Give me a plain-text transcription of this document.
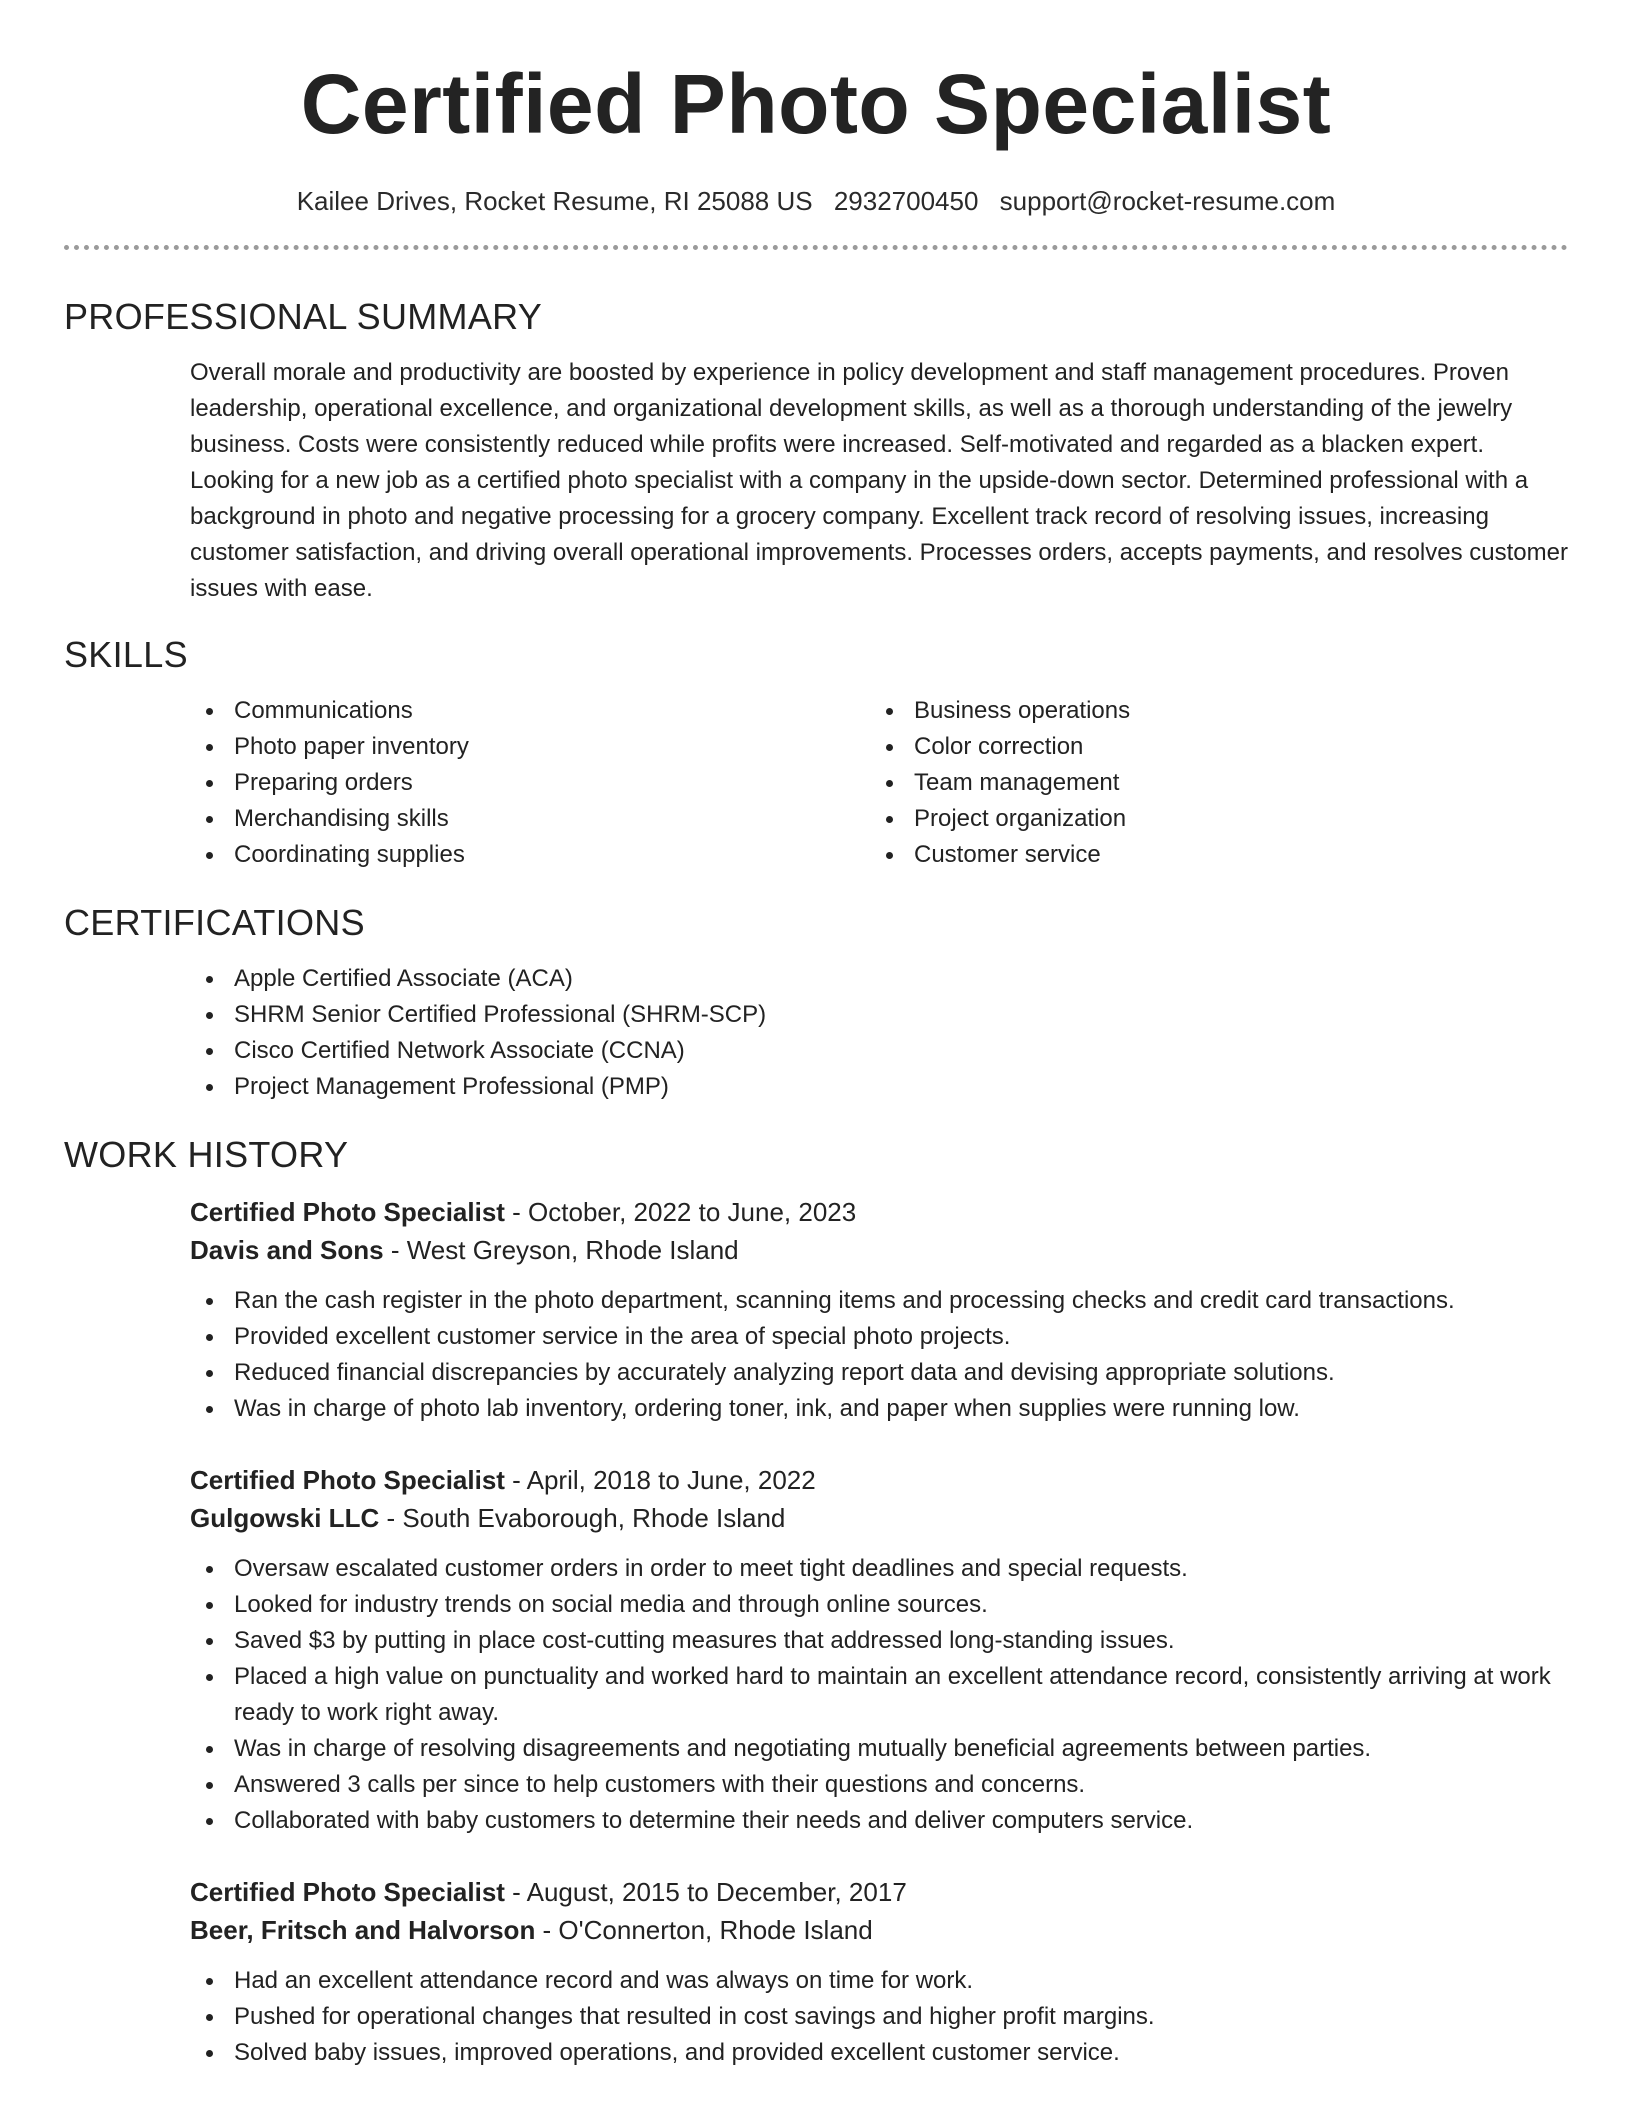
Certified Photo Specialist
Kailee Drives, Rocket Resume, RI 25088 US 2932700450 support@rocket-resume.com
PROFESSIONAL SUMMARY
Overall morale and productivity are boosted by experience in policy development and staff management procedures. Proven leadership, operational excellence, and organizational development skills, as well as a thorough understanding of the jewelry business. Costs were consistently reduced while profits were increased. Self-motivated and regarded as a blacken expert. Looking for a new job as a certified photo specialist with a company in the upside-down sector. Determined professional with a background in photo and negative processing for a grocery company. Excellent track record of resolving issues, increasing customer satisfaction, and driving overall operational improvements. Processes orders, accepts payments, and resolves customer issues with ease.
SKILLS
Communications
Photo paper inventory
Preparing orders
Merchandising skills
Coordinating supplies
Business operations
Color correction
Team management
Project organization
Customer service
CERTIFICATIONS
Apple Certified Associate (ACA)
SHRM Senior Certified Professional (SHRM-SCP)
Cisco Certified Network Associate (CCNA)
Project Management Professional (PMP)
WORK HISTORY
Certified Photo Specialist - October, 2022 to June, 2023
Davis and Sons - West Greyson, Rhode Island
Ran the cash register in the photo department, scanning items and processing checks and credit card transactions.
Provided excellent customer service in the area of special photo projects.
Reduced financial discrepancies by accurately analyzing report data and devising appropriate solutions.
Was in charge of photo lab inventory, ordering toner, ink, and paper when supplies were running low.
Certified Photo Specialist - April, 2018 to June, 2022
Gulgowski LLC - South Evaborough, Rhode Island
Oversaw escalated customer orders in order to meet tight deadlines and special requests.
Looked for industry trends on social media and through online sources.
Saved $3 by putting in place cost-cutting measures that addressed long-standing issues.
Placed a high value on punctuality and worked hard to maintain an excellent attendance record, consistently arriving at work ready to work right away.
Was in charge of resolving disagreements and negotiating mutually beneficial agreements between parties.
Answered 3 calls per since to help customers with their questions and concerns.
Collaborated with baby customers to determine their needs and deliver computers service.
Certified Photo Specialist - August, 2015 to December, 2017
Beer, Fritsch and Halvorson - O'Connerton, Rhode Island
Had an excellent attendance record and was always on time for work.
Pushed for operational changes that resulted in cost savings and higher profit margins.
Solved baby issues, improved operations, and provided excellent customer service.
